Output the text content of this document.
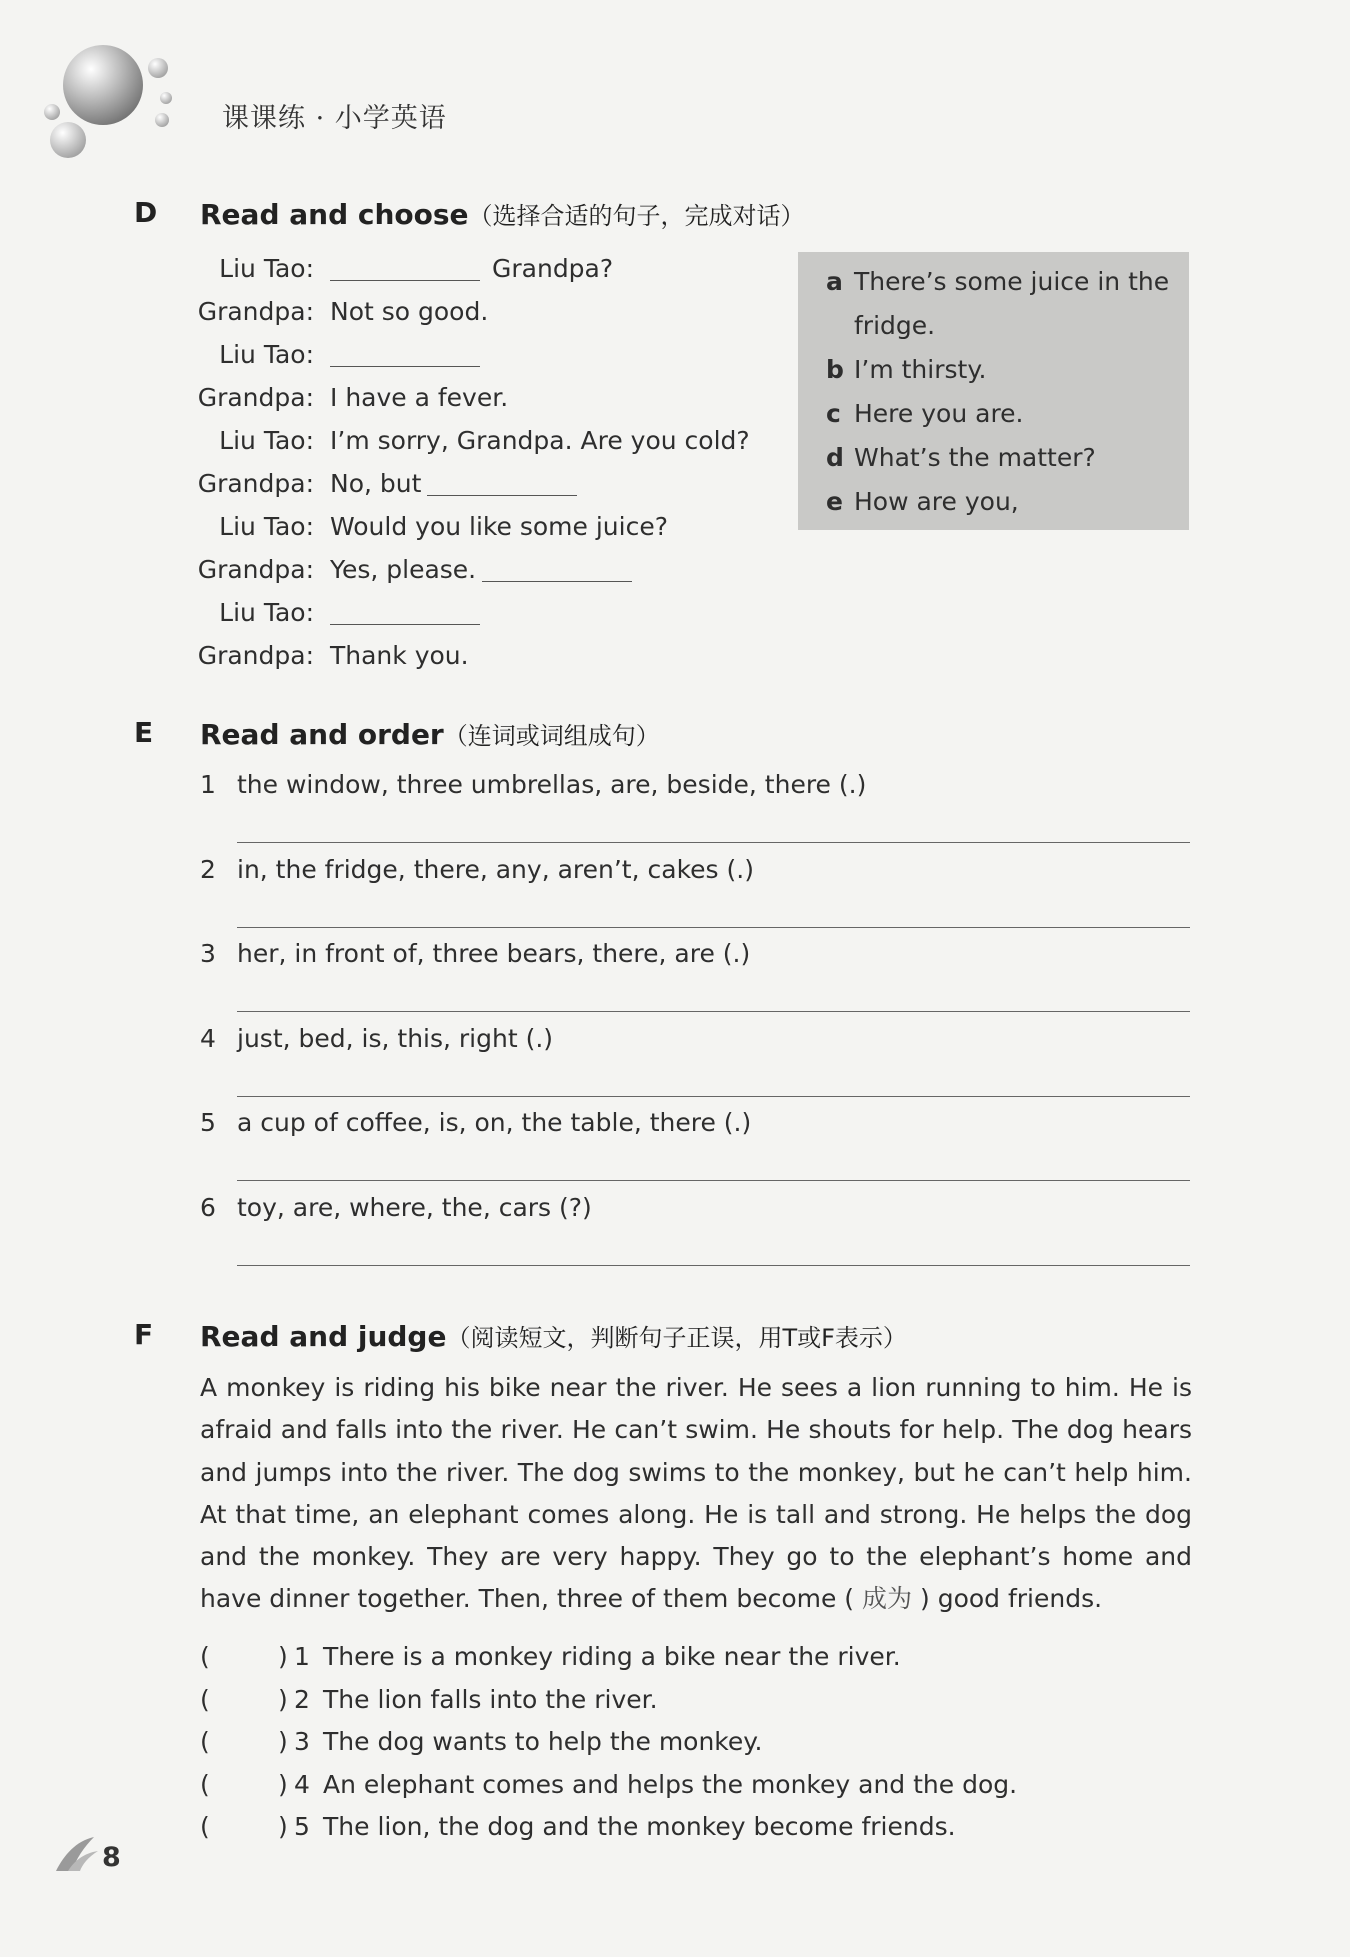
课课练 · 小学英语
D Read and choose（选择合适的句子，完成对话）
Liu Tao:	Grandpa?
Grandpa: Not so good.
Liu Tao:
Grandpa: I have a fever.
Liu Tao: I’m sorry, Grandpa. Are you cold?
Grandpa: No, but
Liu Tao: Would you like some juice?
Grandpa: Yes, please.
Liu Tao:
Grandpa: Thank you.
a There’s some juice in the fridge.
b I’m thirsty.
c Here you are.
d What’s the matter?
e How are you,
E Read and order（连词或词组成句）
1 the window, three umbrellas, are, beside, there (.)
2 in, the fridge, there, any, aren’t, cakes (.)
3 her, in front of, three bears, there, are (.)
4 just, bed, is, this, right (.)
5 a cup of coffee, is, on, the table, there (.)
6 toy, are, where, the, cars (?)
F Read and judge（阅读短文，判断句子正误，用T或F表示）
A monkey is riding his bike near the river. He sees a lion running to him. He is afraid and falls into the river. He can’t swim. He shouts for help. The dog hears and jumps into the river. The dog swims to the monkey, but he can’t help him. At that time, an elephant comes along. He is tall and strong. He helps the dog and the monkey. They are very happy. They go to the elephant’s home and have dinner together. Then, three of them become ( 成为 ) good friends.
(	) 1 There is a monkey riding a bike near the river.
(	) 2 The lion falls into the river.
(	) 3 The dog wants to help the monkey.
(	) 4 An elephant comes and helps the monkey and the dog.
(	) 5 The lion, the dog and the monkey become friends.
8
